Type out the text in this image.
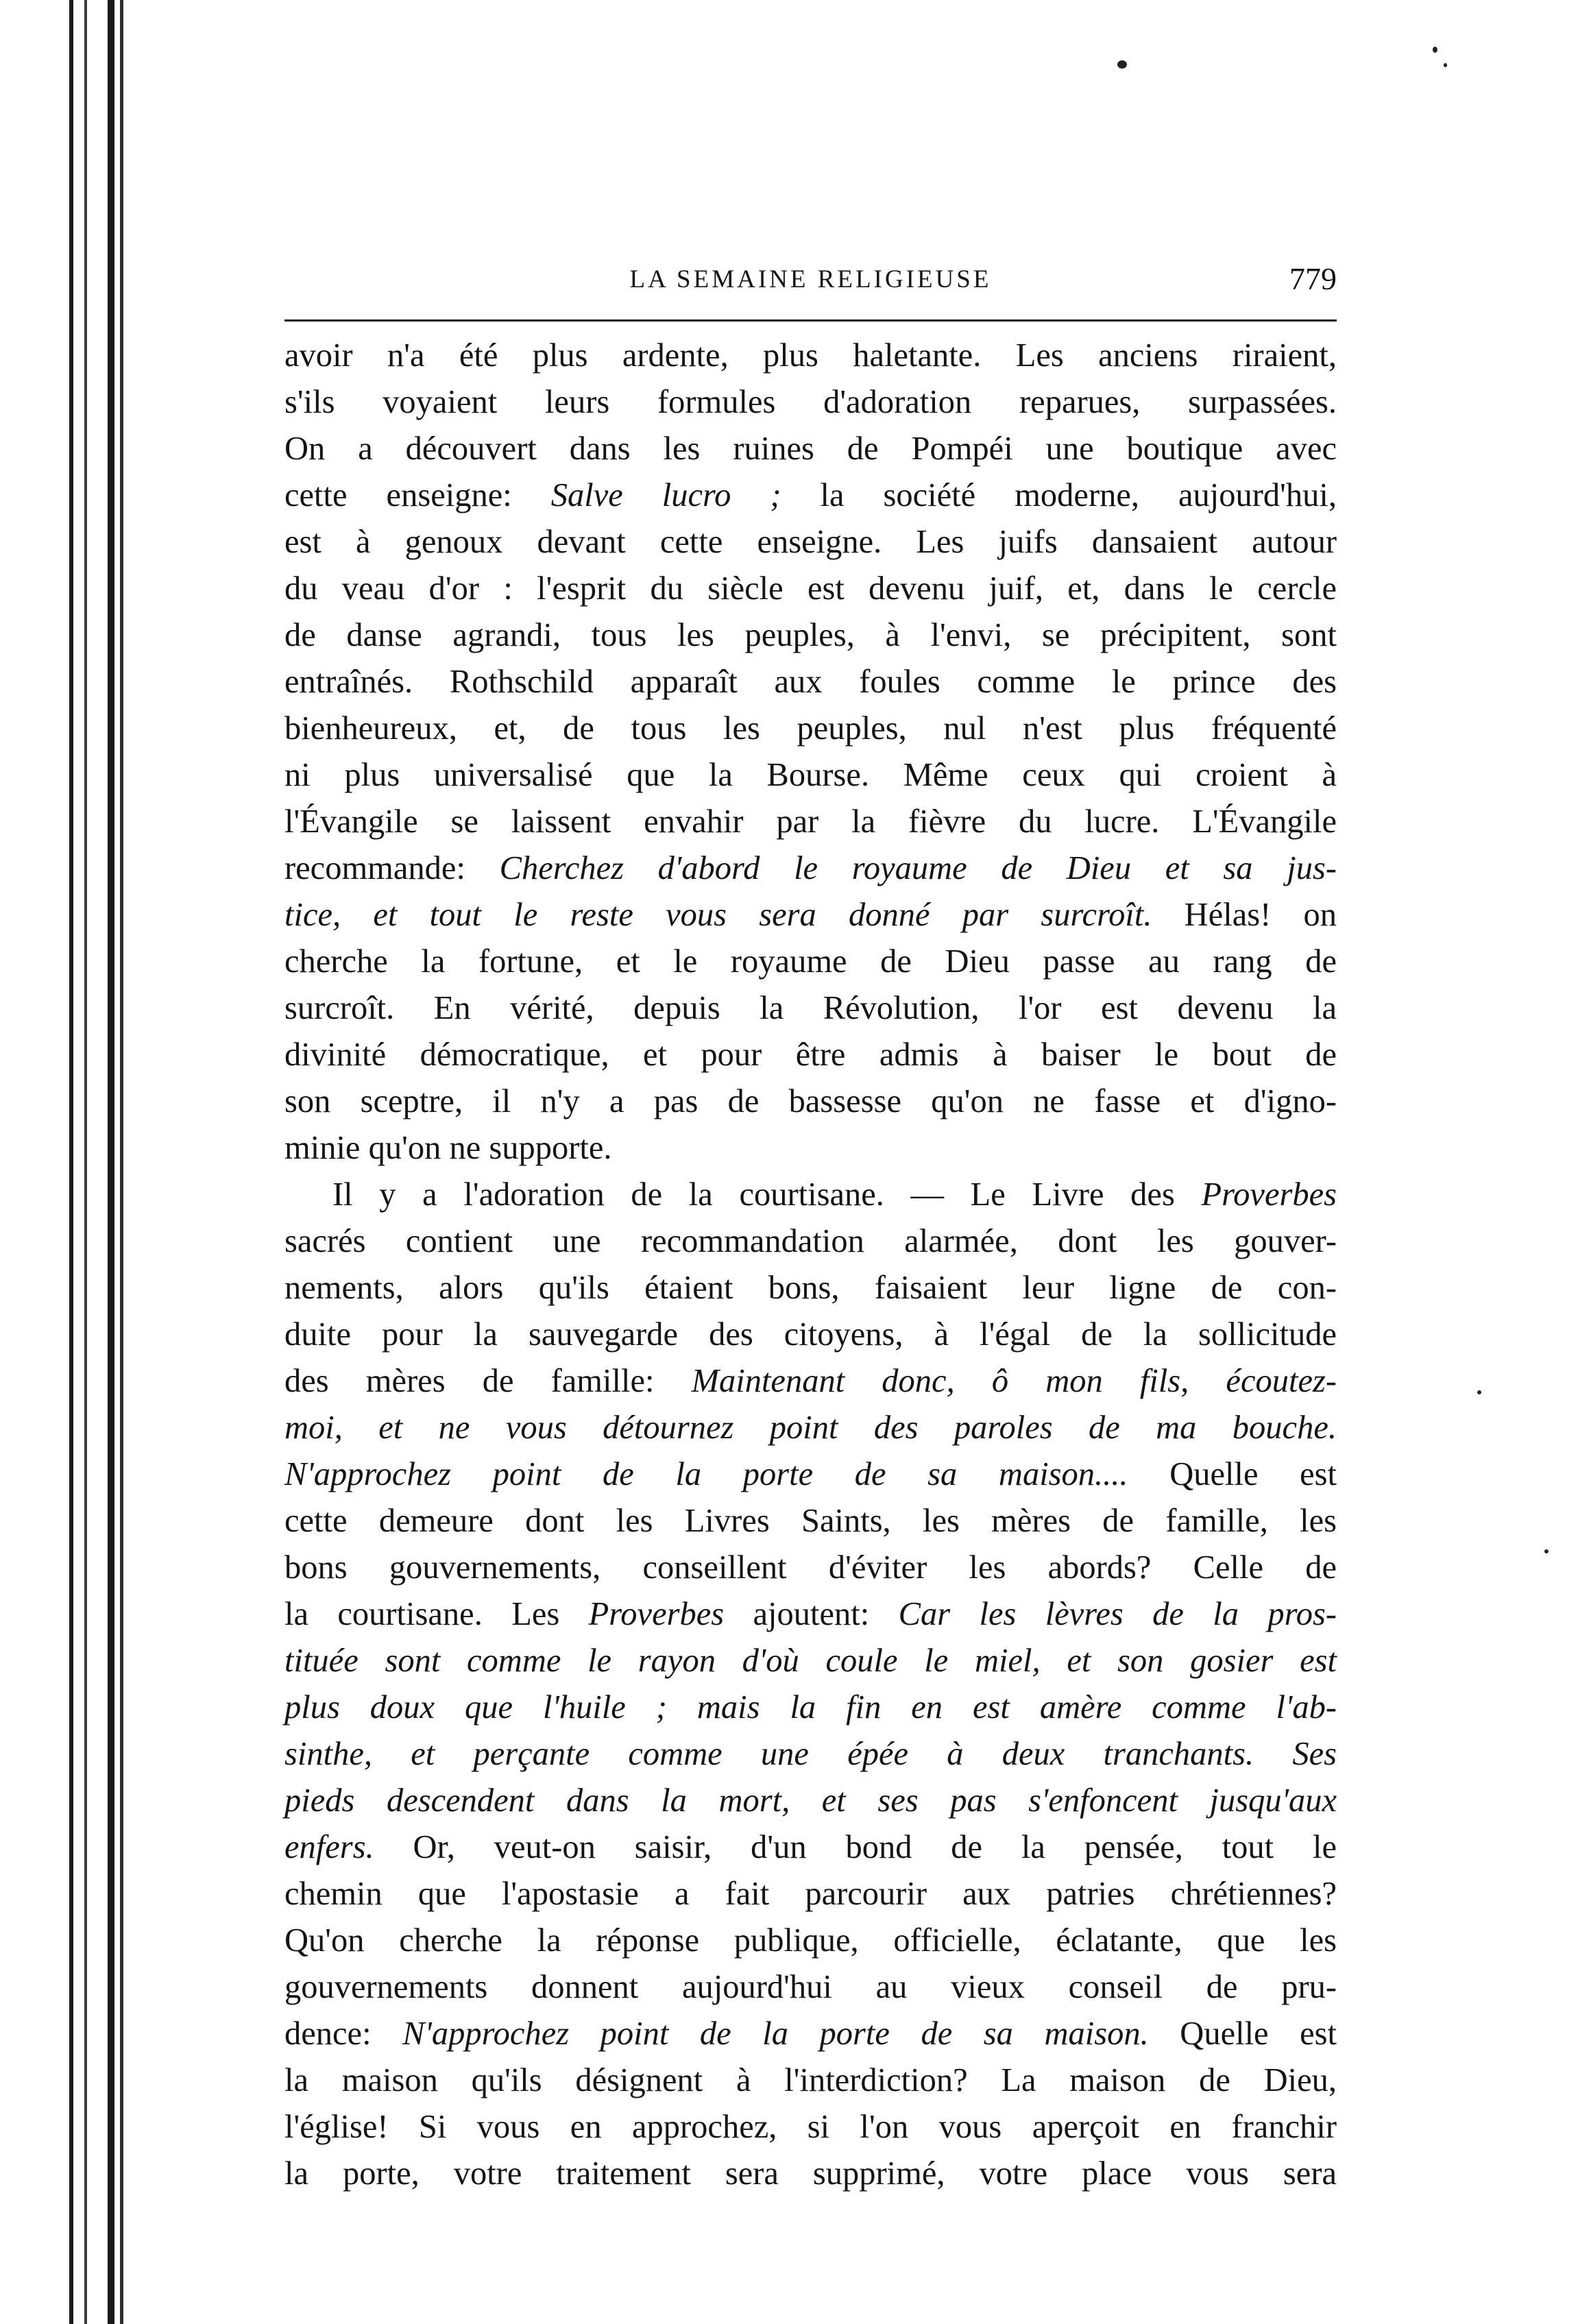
LA SEMAINE RELIGIEUSE	779
avoir n'a été plus ardente, plus haletante. Les anciens riraient,
s'ils voyaient leurs formules d'adoration reparues, surpassées.
On a découvert dans les ruines de Pompéi une boutique avec
cette enseigne: Salve lucro ; la société moderne, aujourd'hui,
est à genoux devant cette enseigne. Les juifs dansaient autour
du veau d'or : l'esprit du siècle est devenu juif, et, dans le cercle
de danse agrandi, tous les peuples, à l'envi, se précipitent, sont
entraînés. Rothschild apparaît aux foules comme le prince des
bienheureux, et, de tous les peuples, nul n'est plus fréquenté
ni plus universalisé que la Bourse. Même ceux qui croient à
l'Évangile se laissent envahir par la fièvre du lucre. L'Évangile
recommande: Cherchez d'abord le royaume de Dieu et sa jus-
tice, et tout le reste vous sera donné par surcroît. Hélas! on
cherche la fortune, et le royaume de Dieu passe au rang de
surcroît. En vérité, depuis la Révolution, l'or est devenu la
divinité démocratique, et pour être admis à baiser le bout de
son sceptre, il n'y a pas de bassesse qu'on ne fasse et d'igno-
minie qu'on ne supporte.
Il y a l'adoration de la courtisane. — Le Livre des Proverbes
sacrés contient une recommandation alarmée, dont les gouver-
nements, alors qu'ils étaient bons, faisaient leur ligne de con-
duite pour la sauvegarde des citoyens, à l'égal de la sollicitude
des mères de famille: Maintenant donc, ô mon fils, écoutez-
moi, et ne vous détournez point des paroles de ma bouche.
N'approchez point de la porte de sa maison.... Quelle est
cette demeure dont les Livres Saints, les mères de famille, les
bons gouvernements, conseillent d'éviter les abords? Celle de
la courtisane. Les Proverbes ajoutent: Car les lèvres de la pros-
tituée sont comme le rayon d'où coule le miel, et son gosier est
plus doux que l'huile ; mais la fin en est amère comme l'ab-
sinthe, et perçante comme une épée à deux tranchants. Ses
pieds descendent dans la mort, et ses pas s'enfoncent jusqu'aux
enfers. Or, veut-on saisir, d'un bond de la pensée, tout le
chemin que l'apostasie a fait parcourir aux patries chrétiennes?
Qu'on cherche la réponse publique, officielle, éclatante, que les
gouvernements donnent aujourd'hui au vieux conseil de pru-
dence: N'approchez point de la porte de sa maison. Quelle est
la maison qu'ils désignent à l'interdiction? La maison de Dieu,
l'église! Si vous en approchez, si l'on vous aperçoit en franchir
la porte, votre traitement sera supprimé, votre place vous sera
